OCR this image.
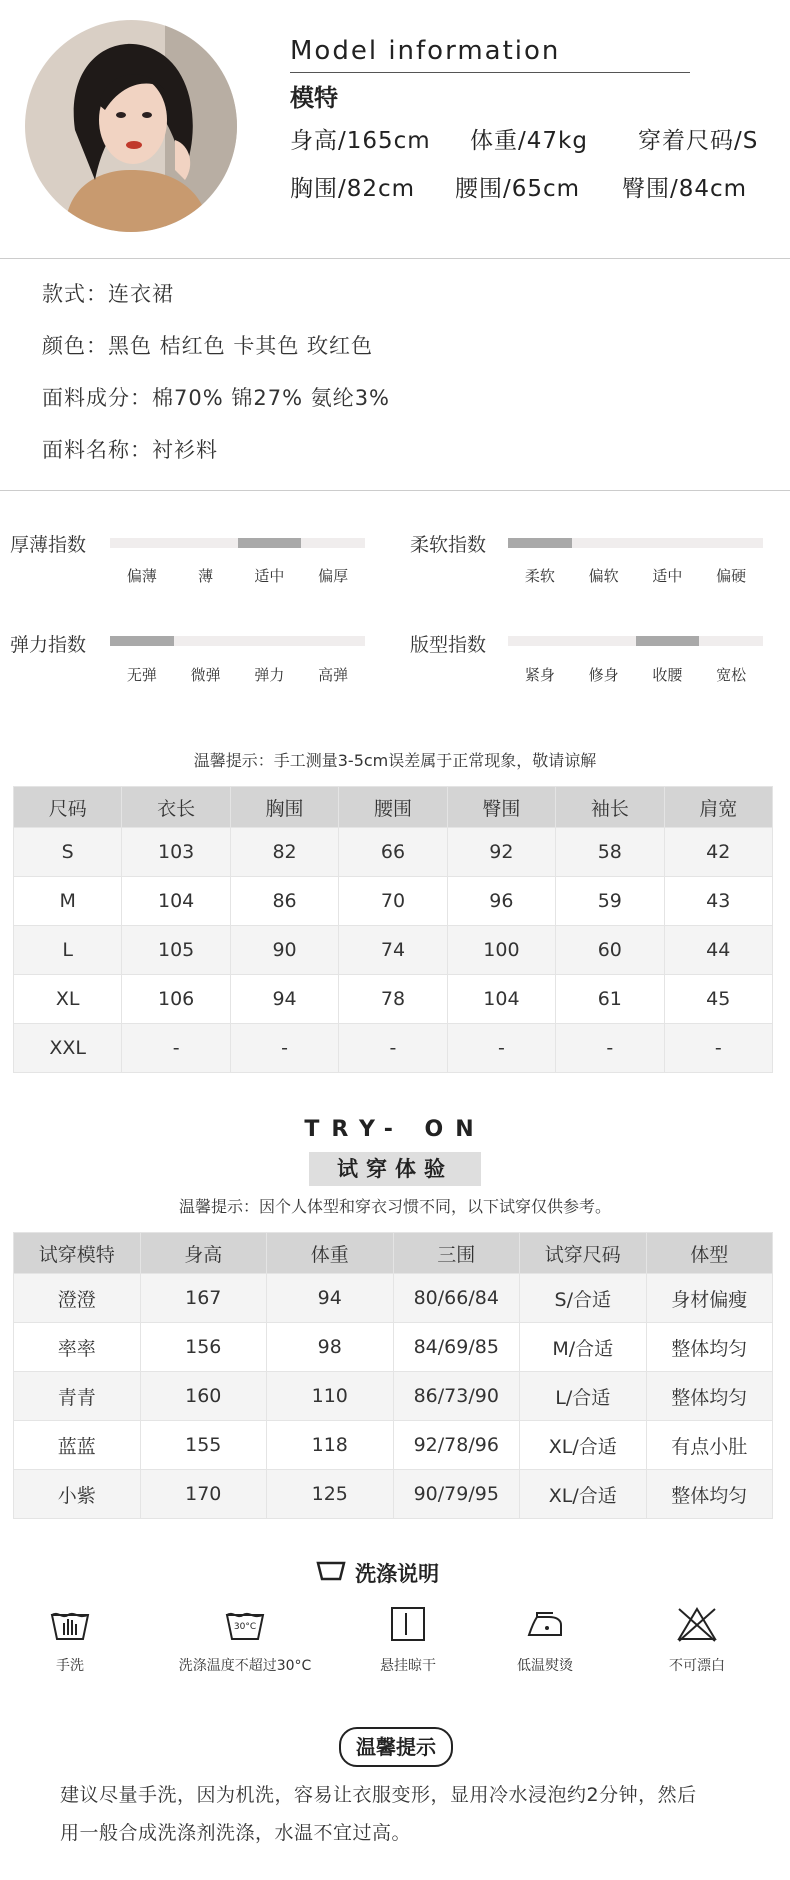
Model information
模特
身高/165cm 体重/47kg 穿着尺码/S
胸围/82cm 腰围/65cm 臀围/84cm
款式：连衣裙
颜色：黑色 桔红色 卡其色 玫红色
面料成分：棉70% 锦27% 氨纶3%
面料名称：衬衫料
厚薄指数
偏薄	薄	适中 偏厚
柔软指数
柔软 偏软 适中 偏硬
弹力指数
无弹 微弹 弹力 高弹
版型指数
紧身 修身 收腰 宽松
温馨提示：手工测量3-5cm误差属于正常现象，敬请谅解
尺码	衣长	胸围	腰围	臀围	袖长	肩宽
S	103	82	66	92	58	42
M	104	86	70	96	59	43
L	105	90	74	100	60	44
XL	106	94	78	104	61	45
XXL	-	-	-	-	-	-
TRY- ON
试穿体验
温馨提示：因个人体型和穿衣习惯不同，以下试穿仅供参考。
试穿模特	身高	体重	三围	试穿尺码	体型
澄澄	167	94	80/66/84	S/合适	身材偏瘦
率率	156	98	84/69/85	M/合适	整体均匀
青青	160	110	86/73/90	L/合适	整体均匀
蓝蓝	155	118	92/78/96	XL/合适	有点小肚
小紫	170	125	90/79/95	XL/合适	整体均匀
洗涤说明
手洗
30°C
洗涤温度不超过30°C	悬挂晾干	低温熨烫	不可漂白
温馨提示
建议尽量手洗，因为机洗，容易让衣服变形，显用冷水浸泡约2分钟，然后
用一般合成洗涤剂洗涤，水温不宜过高。
